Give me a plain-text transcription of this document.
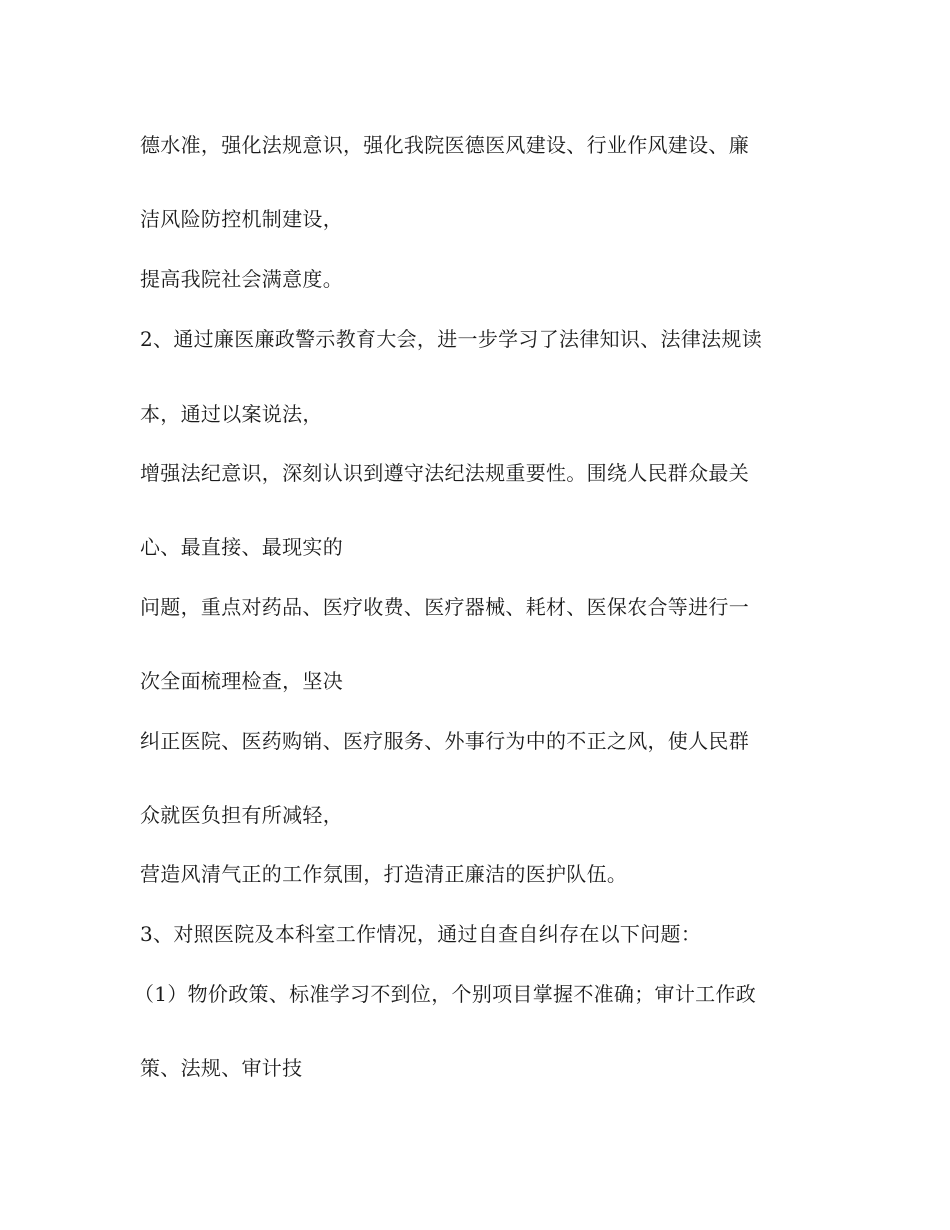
德水准，强化法规意识，强化我院医德医风建设、行业作风建设、廉
洁风险防控机制建设，
提高我院社会满意度。
2、通过廉医廉政警示教育大会，进一步学习了法律知识、法律法规读
本，通过以案说法，
增强法纪意识，深刻认识到遵守法纪法规重要性。围绕人民群众最关
心、最直接、最现实的
问题，重点对药品、医疗收费、医疗器械、耗材、医保农合等进行一
次全面梳理检查，坚决
纠正医院、医药购销、医疗服务、外事行为中的不正之风，使人民群
众就医负担有所减轻，
营造风清气正的工作氛围，打造清正廉洁的医护队伍。
3、对照医院及本科室工作情况，通过自查自纠存在以下问题：
（1）物价政策、标准学习不到位，个别项目掌握不准确；审计工作政
策、法规、审计技
